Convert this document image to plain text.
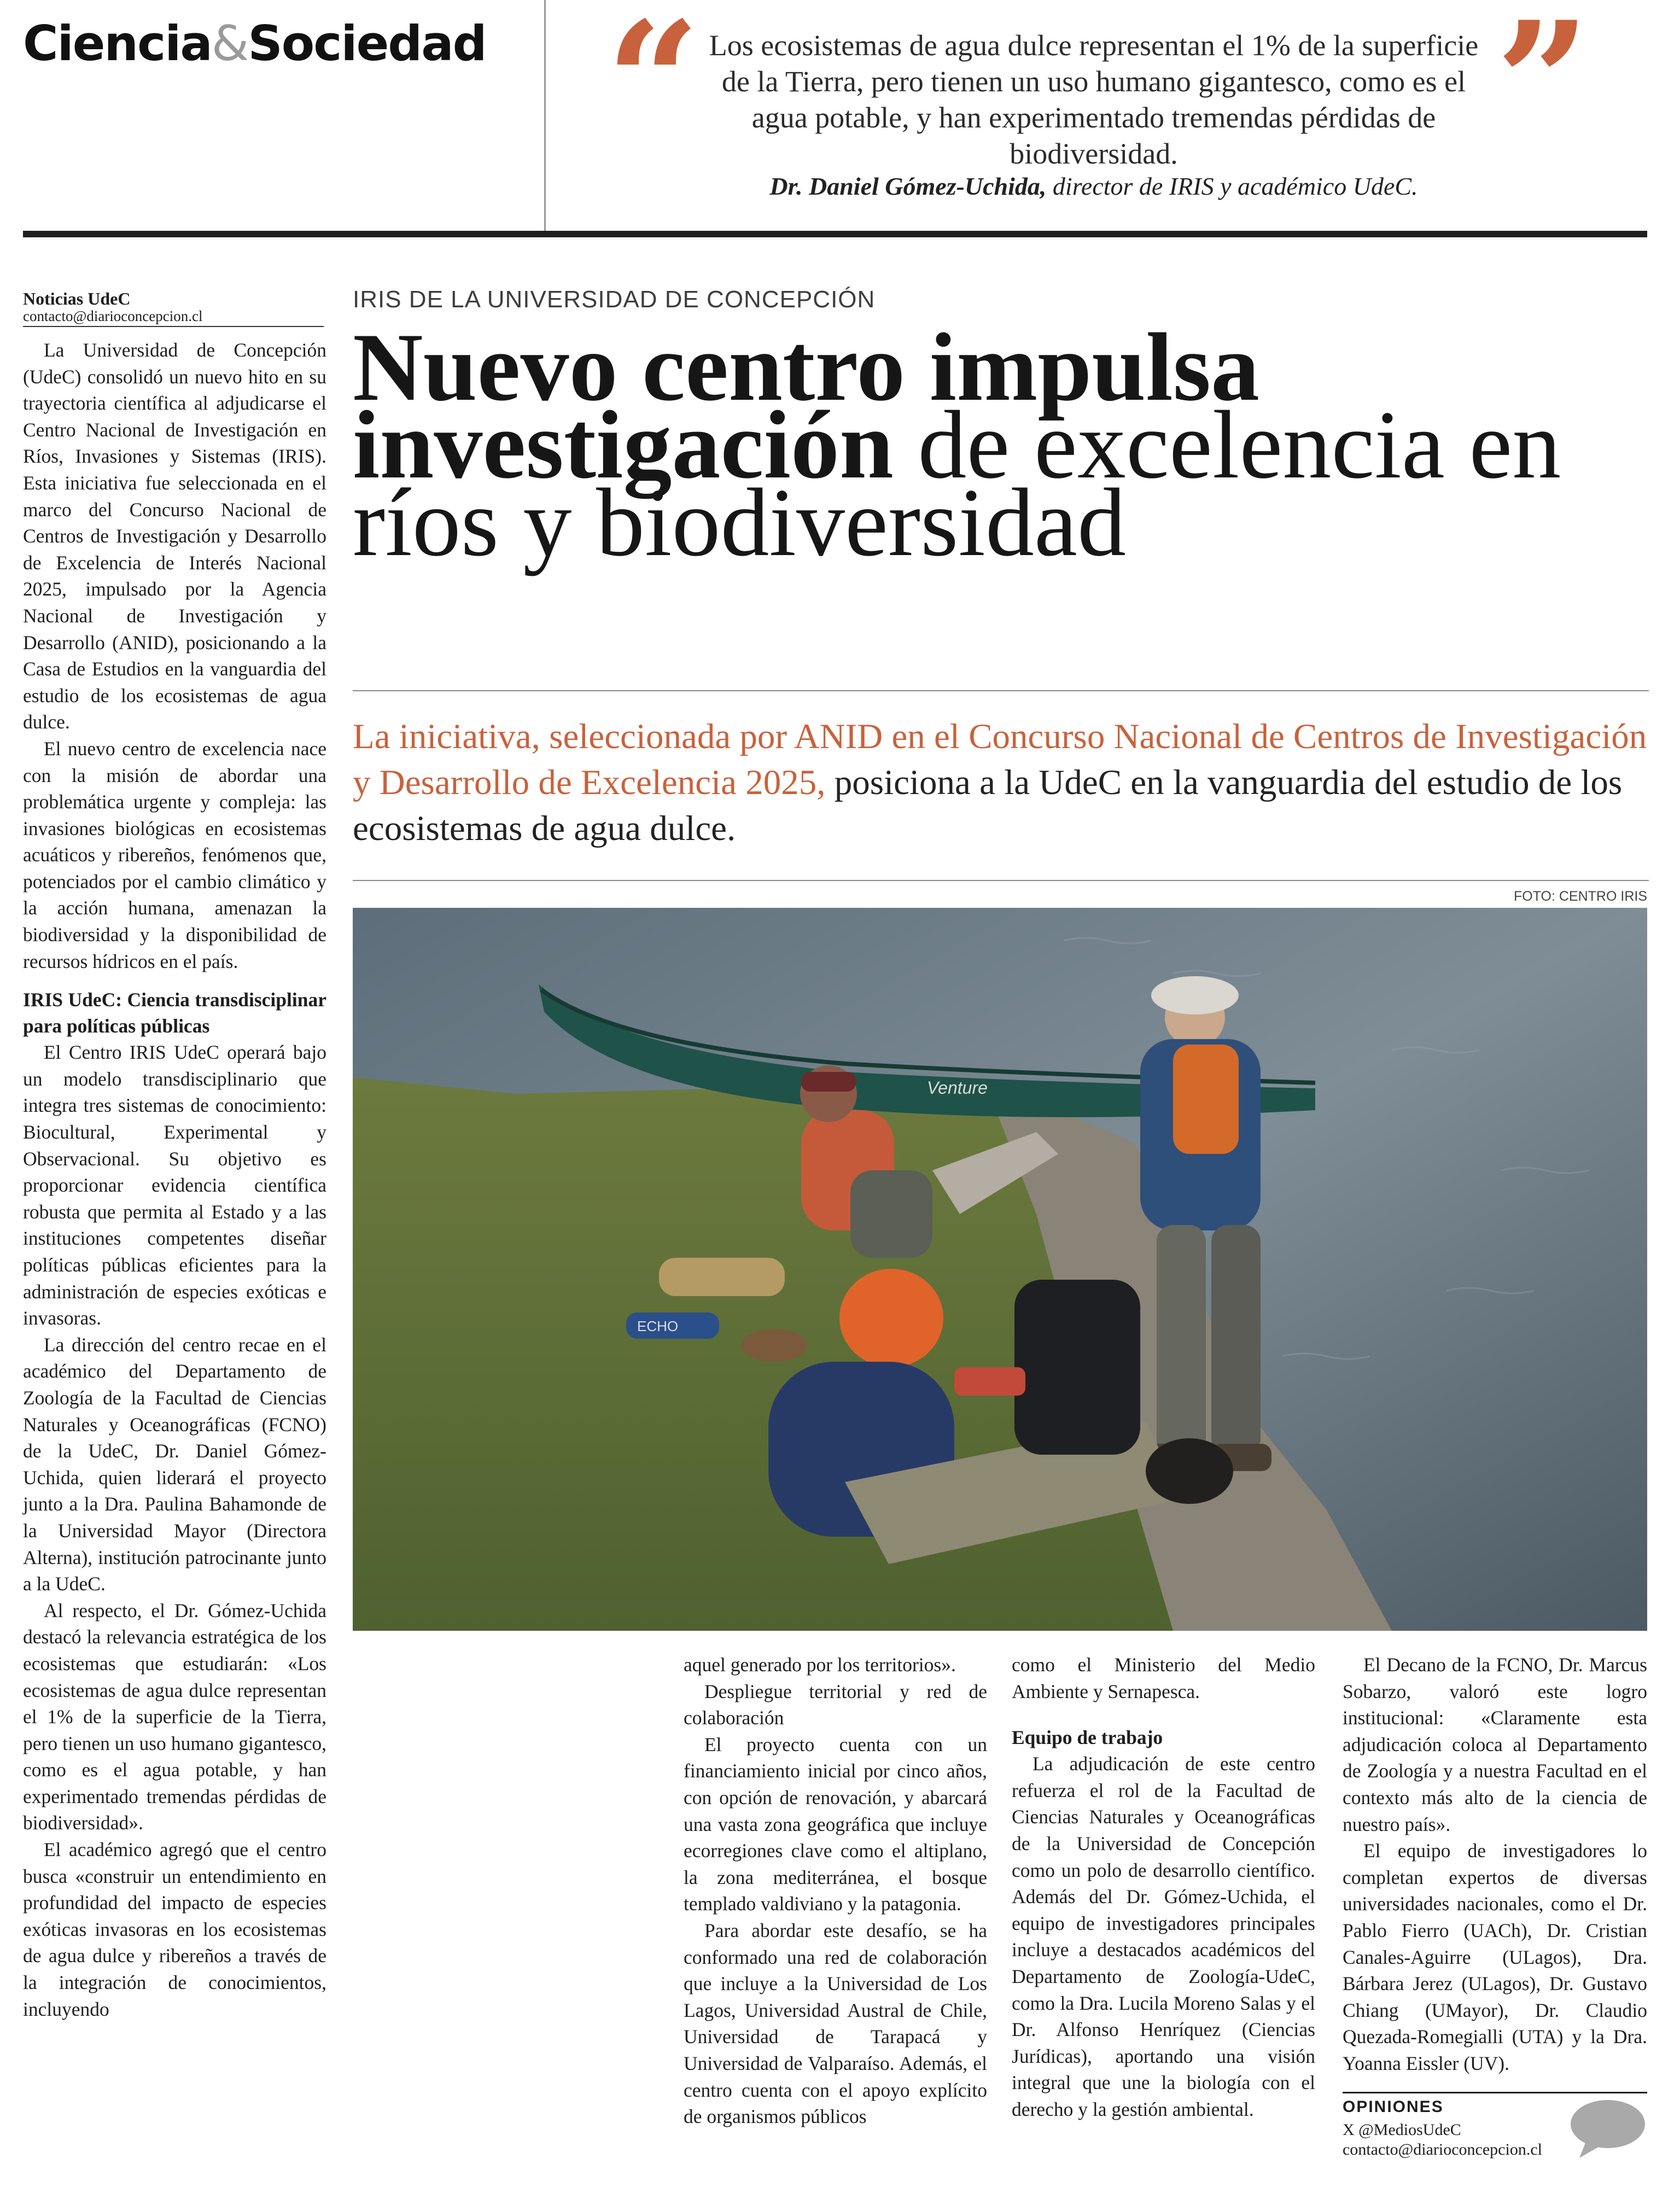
Ciencia&Sociedad “	”
Los ecosistemas de agua dulce representan el 1% de la superficie de la Tierra, pero tienen un uso humano gigantesco, como es el agua potable, y han experimentado tremendas pérdidas de biodiversidad.
Dr. Daniel Gómez-Uchida, director de IRIS y académico UdeC.
Noticias UdeC
contacto@diarioconcepcion.cl

La Universidad de Concepción (UdeC) consolidó un nuevo hito en su trayectoria científica al adjudicarse el Centro Nacional de Investigación en Ríos, Invasiones y Sistemas (IRIS). Esta iniciativa fue seleccionada en el marco del Concurso Nacional de Centros de Investigación y Desarrollo de Excelencia de Interés Nacional 2025, impulsado por la Agencia Nacional de Investigación y Desarrollo (ANID), posicionando a la Casa de Estudios en la vanguardia del estudio de los ecosistemas de agua dulce.

El nuevo centro de excelencia nace con la misión de abordar una problemática urgente y compleja: las invasiones biológicas en ecosistemas acuáticos y ribereños, fenómenos que, potenciados por el cambio climático y la acción humana, amenazan la biodiversidad y la disponibilidad de recursos hídricos en el país.

IRIS UdeC: Ciencia transdisciplinar para políticas públicas

El Centro IRIS UdeC operará bajo un modelo transdisciplinario que integra tres sistemas de conocimiento: Biocultural, Experimental y Observacional. Su objetivo es proporcionar evidencia científica robusta que permita al Estado y a las instituciones competentes diseñar políticas públicas eficientes para la administración de especies exóticas e invasoras.

La dirección del centro recae en el académico del Departamento de Zoología de la Facultad de Ciencias Naturales y Oceanográficas (FCNO) de la UdeC, Dr. Daniel Gómez-Uchida, quien liderará el proyecto junto a la Dra. Paulina Bahamonde de la Universidad Mayor (Directora Alterna), institución patrocinante junto a la UdeC.

Al respecto, el Dr. Gómez-Uchida destacó la relevancia estratégica de los ecosistemas que estudiarán: «Los ecosistemas de agua dulce representan el 1% de la superficie de la Tierra, pero tienen un uso humano gigantesco, como es el agua potable, y han experimentado tremendas pérdidas de biodiversidad».

El académico agregó que el centro busca «construir un entendimiento en profundidad del impacto de especies exóticas invasoras en los ecosistemas de agua dulce y ribereños a través de la integración de conocimientos, incluyendo

IRIS DE LA UNIVERSIDAD DE CONCEPCIÓN
Nuevo centro impulsa investigación de excelencia en ríos y biodiversidad
La iniciativa, seleccionada por ANID en el Concurso Nacional de Centros de Investigación y Desarrollo de Excelencia 2025, posiciona a la UdeC en la vanguardia del estudio de los ecosistemas de agua dulce.
FOTO: CENTRO IRIS
Venture
ECHO

aquel generado por los territorios».

Despliegue territorial y red de colaboración

El proyecto cuenta con un financiamiento inicial por cinco años, con opción de renovación, y abarcará una vasta zona geográfica que incluye ecorregiones clave como el altiplano, la zona mediterránea, el bosque templado valdiviano y la patagonia.

Para abordar este desafío, se ha conformado una red de colaboración que incluye a la Universidad de Los Lagos, Universidad Austral de Chile, Universidad de Tarapacá y Universidad de Valparaíso. Además, el centro cuenta con el apoyo explícito de organismos públicos

como el Ministerio del Medio Ambiente y Sernapesca.

Equipo de trabajo

La adjudicación de este centro refuerza el rol de la Facultad de Ciencias Naturales y Oceanográficas de la Universidad de Concepción como un polo de desarrollo científico. Además del Dr. Gómez-Uchida, el equipo de investigadores principales incluye a destacados académicos del Departamento de Zoología-UdeC, como la Dra. Lucila Moreno Salas y el Dr. Alfonso Henríquez (Ciencias Jurídicas), aportando una visión integral que une la biología con el derecho y la gestión ambiental.

El Decano de la FCNO, Dr. Marcus Sobarzo, valoró este logro institucional: «Claramente esta adjudicación coloca al Departamento de Zoología y a nuestra Facultad en el contexto más alto de la ciencia de nuestro país».

El equipo de investigadores lo completan expertos de diversas universidades nacionales, como el Dr. Pablo Fierro (UACh), Dr. Cristian Canales-Aguirre (ULagos), Dra. Bárbara Jerez (ULagos), Dr. Gustavo Chiang (UMayor), Dr. Claudio Quezada-Romegialli (UTA) y la Dra. Yoanna Eissler (UV).

OPINIONES
X @MediosUdeC
contacto@diarioconcepcion.cl
